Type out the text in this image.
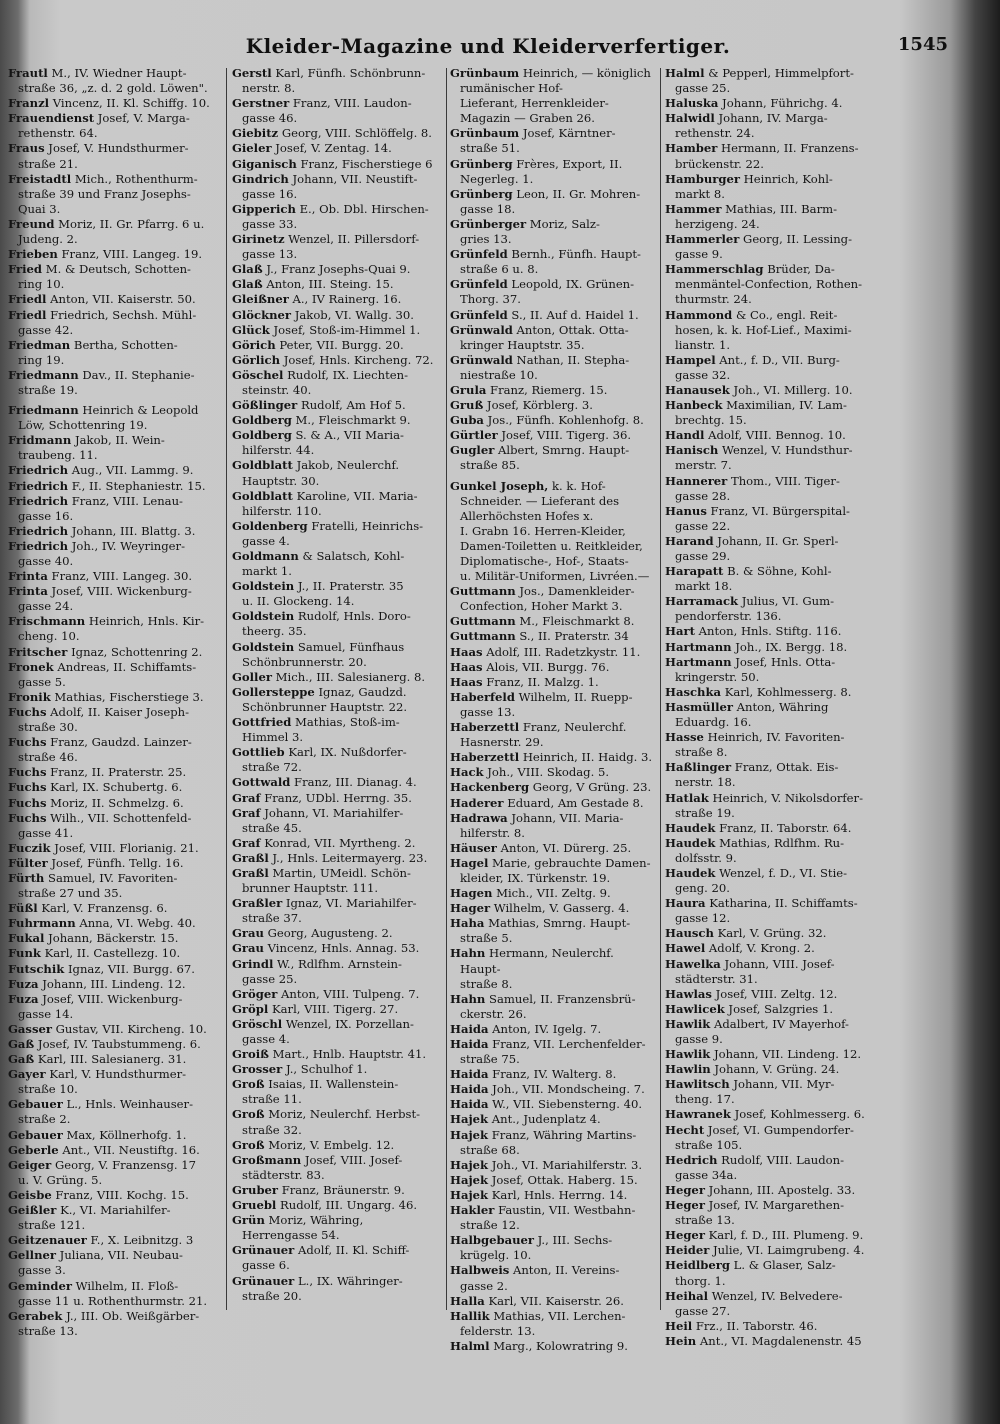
Kleider-Magazine und Kleiderverfertiger.	1545

Frautl M., IV. Wiedner Haupt-
straße 36, „z. d. 2 gold. Löwen".

Franzl Vincenz, II. Kl. Schiffg. 10.

Frauendienst Josef, V. Marga-
rethenstr. 64.

Fraus Josef, V. Hundsthurmer-
straße 21.

Freistadtl Mich., Rothenthurm-
straße 39 und Franz Josephs-
Quai 3.

Freund Moriz, II. Gr. Pfarrg. 6 u.
Judeng. 2.

Frieben Franz, VIII. Langeg. 19.

Fried M. & Deutsch, Schotten-
ring 10.

Friedl Anton, VII. Kaiserstr. 50.

Friedl Friedrich, Sechsh. Mühl-
gasse 42.

Friedman Bertha, Schotten-
ring 19.

Friedmann Dav., II. Stephanie-
straße 19.

Friedmann Heinrich & Leopold
Löw, Schottenring 19.

Fridmann Jakob, II. Wein-
traubeng. 11.

Friedrich Aug., VII. Lammg. 9.

Friedrich F., II. Stephaniestr. 15.

Friedrich Franz, VIII. Lenau-
gasse 16.

Friedrich Johann, III. Blattg. 3.

Friedrich Joh., IV. Weyringer-
gasse 40.

Frinta Franz, VIII. Langeg. 30.

Frinta Josef, VIII. Wickenburg-
gasse 24.

Frischmann Heinrich, Hnls. Kir-
cheng. 10.

Fritscher Ignaz, Schottenring 2.

Fronek Andreas, II. Schiffamts-
gasse 5.

Fronik Mathias, Fischerstiege 3.

Fuchs Adolf, II. Kaiser Joseph-
straße 30.

Fuchs Franz, Gaudzd. Lainzer-
straße 46.

Fuchs Franz, II. Praterstr. 25.

Fuchs Karl, IX. Schubertg. 6.

Fuchs Moriz, II. Schmelzg. 6.

Fuchs Wilh., VII. Schottenfeld-
gasse 41.

Fuczik Josef, VIII. Florianig. 21.

Fülter Josef, Fünfh. Tellg. 16.

Fürth Samuel, IV. Favoriten-
straße 27 und 35.

Füßl Karl, V. Franzensg. 6.

Fuhrmann Anna, VI. Webg. 40.

Fukal Johann, Bäckerstr. 15.

Funk Karl, II. Castellezg. 10.

Futschik Ignaz, VII. Burgg. 67.

Fuza Johann, III. Lindeng. 12.

Fuza Josef, VIII. Wickenburg-
gasse 14.

Gasser Gustav, VII. Kircheng. 10.

Gaß Josef, IV. Taubstummeng. 6.

Gaß Karl, III. Salesianerg. 31.

Gayer Karl, V. Hundsthurmer-
straße 10.

Gebauer L., Hnls. Weinhauser-
straße 2.

Gebauer Max, Köllnerhofg. 1.

Geberle Ant., VII. Neustiftg. 16.

Geiger Georg, V. Franzensg. 17
u. V. Grüng. 5.

Geisbe Franz, VIII. Kochg. 15.

Geißler K., VI. Mariahilfer-
straße 121.

Geitzenauer F., X. Leibnitzg. 3

Gellner Juliana, VII. Neubau-
gasse 3.

Geminder Wilhelm, II. Floß-
gasse 11 u. Rothenthurmstr. 21.

Gerabek J., III. Ob. Weißgärber-
straße 13.

Gerstl Karl, Fünfh. Schönbrunn-
nerstr. 8.

Gerstner Franz, VIII. Laudon-
gasse 46.

Giebitz Georg, VIII. Schlöffelg. 8.

Gieler Josef, V. Zentag. 14.

Giganisch Franz, Fischerstiege 6

Gindrich Johann, VII. Neustift-
gasse 16.

Gipperich E., Ob. Dbl. Hirschen-
gasse 33.

Girinetz Wenzel, II. Pillersdorf-
gasse 13.

Glaß J., Franz Josephs-Quai 9.

Glaß Anton, III. Steing. 15.

Gleißner A., IV Rainerg. 16.

Glöckner Jakob, VI. Wallg. 30.

Glück Josef, Stoß-im-Himmel 1.

Görich Peter, VII. Burgg. 20.

Görlich Josef, Hnls. Kircheng. 72.

Göschel Rudolf, IX. Liechten-
steinstr. 40.

Gößlinger Rudolf, Am Hof 5.

Goldberg M., Fleischmarkt 9.

Goldberg S. & A., VII Maria-
hilferstr. 44.

Goldblatt Jakob, Neulerchf.
Hauptstr. 30.

Goldblatt Karoline, VII. Maria-
hilferstr. 110.

Goldenberg Fratelli, Heinrichs-
gasse 4.

Goldmann & Salatsch, Kohl-
markt 1.

Goldstein J., II. Praterstr. 35
u. II. Glockeng. 14.

Goldstein Rudolf, Hnls. Doro-
theerg. 35.

Goldstein Samuel, Fünfhaus
Schönbrunnerstr. 20.

Goller Mich., III. Salesianerg. 8.

Gollersteppe Ignaz, Gaudzd.
Schönbrunner Hauptstr. 22.

Gottfried Mathias, Stoß-im-
Himmel 3.

Gottlieb Karl, IX. Nußdorfer-
straße 72.

Gottwald Franz, III. Dianag. 4.

Graf Franz, UDbl. Herrng. 35.

Graf Johann, VI. Mariahilfer-
straße 45.

Graf Konrad, VII. Myrtheng. 2.

Graßl J., Hnls. Leitermayerg. 23.

Graßl Martin, UMeidl. Schön-
brunner Hauptstr. 111.

Graßler Ignaz, VI. Mariahilfer-
straße 37.

Grau Georg, Augusteng. 2.

Grau Vincenz, Hnls. Annag. 53.

Grindl W., Rdlfhm. Arnstein-
gasse 25.

Gröger Anton, VIII. Tulpeng. 7.

Gröpl Karl, VIII. Tigerg. 27.

Gröschl Wenzel, IX. Porzellan-
gasse 4.

Groiß Mart., Hnlb. Hauptstr. 41.

Grosser J., Schulhof 1.

Groß Isaias, II. Wallenstein-
straße 11.

Groß Moriz, Neulerchf. Herbst-
straße 32.

Groß Moriz, V. Embelg. 12.

Großmann Josef, VIII. Josef-
städterstr. 83.

Gruber Franz, Bräunerstr. 9.

Gruebl Rudolf, III. Ungarg. 46.

Grün Moriz, Währing, Herrengasse 54.

Grünauer Adolf, II. Kl. Schiff-
gasse 6.

Grünauer L., IX. Währinger-
straße 20.

Grünbaum Heinrich, — königlich rumänischer Hof-
Lieferant, Herrenkleider-
Magazin — Graben 26.

Grünbaum Josef, Kärntner-
straße 51.

Grünberg Frères, Export, II.
Negerleg. 1.

Grünberg Leon, II. Gr. Mohren-
gasse 18.

Grünberger Moriz, Salz-
gries 13.

Grünfeld Bernh., Fünfh. Haupt-
straße 6 u. 8.

Grünfeld Leopold, IX. Grünen-
Thorg. 37.

Grünfeld S., II. Auf d. Haidel 1.

Grünwald Anton, Ottak. Otta-
kringer Hauptstr. 35.

Grünwald Nathan, II. Stepha-
niestraße 10.

Grula Franz, Riemerg. 15.

Gruß Josef, Körblerg. 3.

Guba Jos., Fünfh. Kohlenhofg. 8.

Gürtler Josef, VIII. Tigerg. 36.

Gugler Albert, Smrng. Haupt-
straße 85.

Gunkel Joseph, k. k. Hof-
Schneider. — Lieferant des
Allerhöchsten Hofes x.
I. Grabn 16. Herren-Kleider,
Damen-Toiletten u. Reitkleider,
Diplomatische-, Hof-, Staats-
u. Militär-Uniformen, Livréen.—

Guttmann Jos., Damenkleider-
Confection, Hoher Markt 3.

Guttmann M., Fleischmarkt 8.

Guttmann S., II. Praterstr. 34

Haas Adolf, III. Radetzkystr. 11.

Haas Alois, VII. Burgg. 76.

Haas Franz, II. Malzg. 1.

Haberfeld Wilhelm, II. Ruepp-
gasse 13.

Haberzettl Franz, Neulerchf.
Hasnerstr. 29.

Haberzettl Heinrich, II. Haidg. 3.

Hack Joh., VIII. Skodag. 5.

Hackenberg Georg, V Grüng. 23.

Haderer Eduard, Am Gestade 8.

Hadrawa Johann, VII. Maria-
hilferstr. 8.

Häuser Anton, VI. Dürerg. 25.

Hagel Marie, gebrauchte Damen-
kleider, IX. Türkenstr. 19.

Hagen Mich., VII. Zeltg. 9.

Hager Wilhelm, V. Gasserg. 4.

Haha Mathias, Smrng. Haupt-
straße 5.

Hahn Hermann, Neulerchf. Haupt-
straße 8.

Hahn Samuel, II. Franzensbrü-
ckerstr. 26.

Haida Anton, IV. Igelg. 7.

Haida Franz, VII. Lerchenfelder-
straße 75.

Haida Franz, IV. Walterg. 8.

Haida Joh., VII. Mondscheing. 7.

Haida W., VII. Siebensterng. 40.

Hajek Ant., Judenplatz 4.

Hajek Franz, Währing Martins-
straße 68.

Hajek Joh., VI. Mariahilferstr. 3.

Hajek Josef, Ottak. Haberg. 15.

Hajek Karl, Hnls. Herrng. 14.

Hakler Faustin, VII. Westbahn-
straße 12.

Halbgebauer J., III. Sechs-
krügelg. 10.

Halbweis Anton, II. Vereins-
gasse 2.

Halla Karl, VII. Kaiserstr. 26.

Hallik Mathias, VII. Lerchen-
felderstr. 13.

Halml Marg., Kolowratring 9.

Halml & Pepperl, Himmelpfort-
gasse 25.

Haluska Johann, Führichg. 4.

Halwidl Johann, IV. Marga-
rethenstr. 24.

Hamber Hermann, II. Franzens-
brückenstr. 22.

Hamburger Heinrich, Kohl-
markt 8.

Hammer Mathias, III. Barm-
herzigeng. 24.

Hammerler Georg, II. Lessing-
gasse 9.

Hammerschlag Brüder, Da-
menmäntel-Confection, Rothen-
thurmstr. 24.

Hammond & Co., engl. Reit-
hosen, k. k. Hof-Lief., Maximi-
lianstr. 1.

Hampel Ant., f. D., VII. Burg-
gasse 32.

Hanausek Joh., VI. Millerg. 10.

Hanbeck Maximilian, IV. Lam-
brechtg. 15.

Handl Adolf, VIII. Bennog. 10.

Hanisch Wenzel, V. Hundsthur-
merstr. 7.

Hannerer Thom., VIII. Tiger-
gasse 28.

Hanus Franz, VI. Bürgerspital-
gasse 22.

Harand Johann, II. Gr. Sperl-
gasse 29.

Harapatt B. & Söhne, Kohl-
markt 18.

Harramack Julius, VI. Gum-
pendorferstr. 136.

Hart Anton, Hnls. Stiftg. 116.

Hartmann Joh., IX. Bergg. 18.

Hartmann Josef, Hnls. Otta-
kringerstr. 50.

Haschka Karl, Kohlmesserg. 8.

Hasmüller Anton, Währing
Eduardg. 16.

Hasse Heinrich, IV. Favoriten-
straße 8.

Haßlinger Franz, Ottak. Eis-
nerstr. 18.

Hatlak Heinrich, V. Nikolsdorfer-
straße 19.

Haudek Franz, II. Taborstr. 64.

Haudek Mathias, Rdlfhm. Ru-
dolfsstr. 9.

Haudek Wenzel, f. D., VI. Stie-
geng. 20.

Haura Katharina, II. Schiffamts-
gasse 12.

Hausch Karl, V. Grüng. 32.

Hawel Adolf, V. Krong. 2.

Hawelka Johann, VIII. Josef-
städterstr. 31.

Hawlas Josef, VIII. Zeltg. 12.

Hawlicek Josef, Salzgries 1.

Hawlik Adalbert, IV Mayerhof-
gasse 9.

Hawlik Johann, VII. Lindeng. 12.

Hawlin Johann, V. Grüng. 24.

Hawlitsch Johann, VII. Myr-
theng. 17.

Hawranek Josef, Kohlmesserg. 6.

Hecht Josef, VI. Gumpendorfer-
straße 105.

Hedrich Rudolf, VIII. Laudon-
gasse 34a.

Heger Johann, III. Apostelg. 33.

Heger Josef, IV. Margarethen-
straße 13.

Heger Karl, f. D., III. Plumeng. 9.

Heider Julie, VI. Laimgrubeng. 4.

Heidlberg L. & Glaser, Salz-
thorg. 1.

Heihal Wenzel, IV. Belvedere-
gasse 27.

Heil Frz., II. Taborstr. 46.

Hein Ant., VI. Magdalenenstr. 45
